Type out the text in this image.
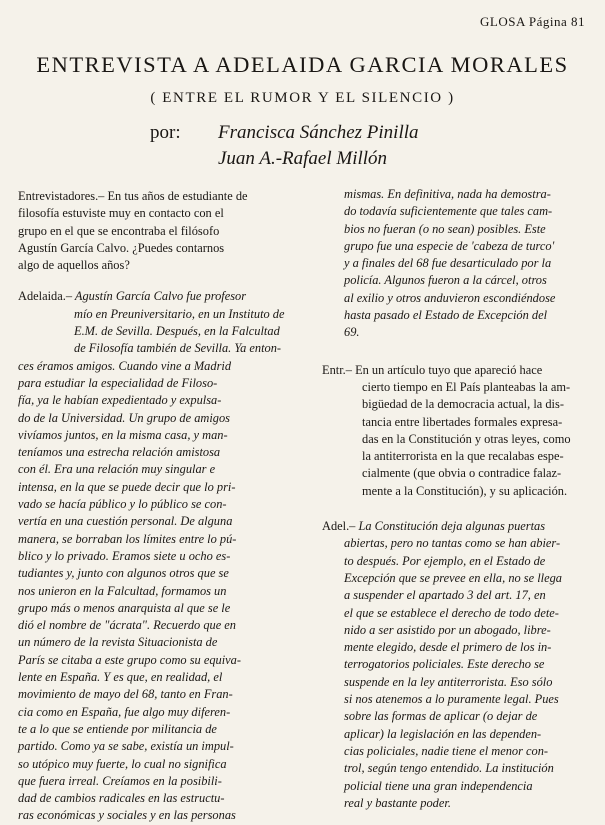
GLOSA Página 81
ENTREVISTA A ADELAIDA GARCIA MORALES
( ENTRE EL RUMOR Y EL SILENCIO )
por: Francisca Sánchez Pinilla
Juan A.-Rafael Millón
Entrevistadores.– En tus años de estudiante de
filosofía estuviste muy en contacto con el
grupo en el que se encontraba el filósofo
Agustín García Calvo. ¿Puedes contarnos
algo de aquellos años?
Adelaida.– Agustín García Calvo fue profesor
mío en Preuniversitario, en un Instituto de
E.M. de Sevilla. Después, en la Falcultad
de Filosofía también de Sevilla. Ya enton-
ces éramos amigos. Cuando vine a Madrid
para estudiar la especialidad de Filoso-
fía, ya le habían expedientado y expulsa-
do de la Universidad. Un grupo de amigos
vivíamos juntos, en la misma casa, y man-
teníamos una estrecha relación amistosa
con él. Era una relación muy singular e
intensa, en la que se puede decir que lo pri-
vado se hacía público y lo público se con-
vertía en una cuestión personal. De alguna
manera, se borraban los límites entre lo pú-
blico y lo privado. Eramos siete u ocho es-
tudiantes y, junto con algunos otros que se
nos unieron en la Falcultad, formamos un
grupo más o menos anarquista al que se le
dió el nombre de "ácrata". Recuerdo que en
un número de la revista Situacionista de
París se citaba a este grupo como su equiva-
lente en España. Y es que, en realidad, el
movimiento de mayo del 68, tanto en Fran-
cia como en España, fue algo muy diferen-
te a lo que se entiende por militancia de
partido. Como ya se sabe, existía un impul-
so utópico muy fuerte, lo cual no significa
que fuera irreal. Creíamos en la posibili-
dad de cambios radicales en las estructu-
ras económicas y sociales y en las personas
mismas. En definitiva, nada ha demostra-
do todavía suficientemente que tales cam-
bios no fueran (o no sean) posibles. Este
grupo fue una especie de 'cabeza de turco'
y a finales del 68 fue desarticulado por la
policía. Algunos fueron a la cárcel, otros
al exilio y otros anduvieron escondiéndose
hasta pasado el Estado de Excepción del
69.
Entr.– En un artículo tuyo que apareció hace
cierto tiempo en El País planteabas la am-
bigüedad de la democracia actual, la dis-
tancia entre libertades formales expresa-
das en la Constitución y otras leyes, como
la antiterrorista en la que recalabas espe-
cialmente (que obvia o contradice falaz-
mente a la Constitución), y su aplicación.
Adel.– La Constitución deja algunas puertas
abiertas, pero no tantas como se han abier-
to después. Por ejemplo, en el Estado de
Excepción que se prevee en ella, no se llega
a suspender el apartado 3 del art. 17, en
el que se establece el derecho de todo dete-
nido a ser asistido por un abogado, libre-
mente elegido, desde el primero de los in-
terrogatorios policiales. Este derecho se
suspende en la ley antiterrorista. Eso sólo
si nos atenemos a lo puramente legal. Pues
sobre las formas de aplicar (o dejar de
aplicar) la legislación en las dependen-
cias policiales, nadie tiene el menor con-
trol, según tengo entendido. La institución
policial tiene una gran independencia
real y bastante poder.
